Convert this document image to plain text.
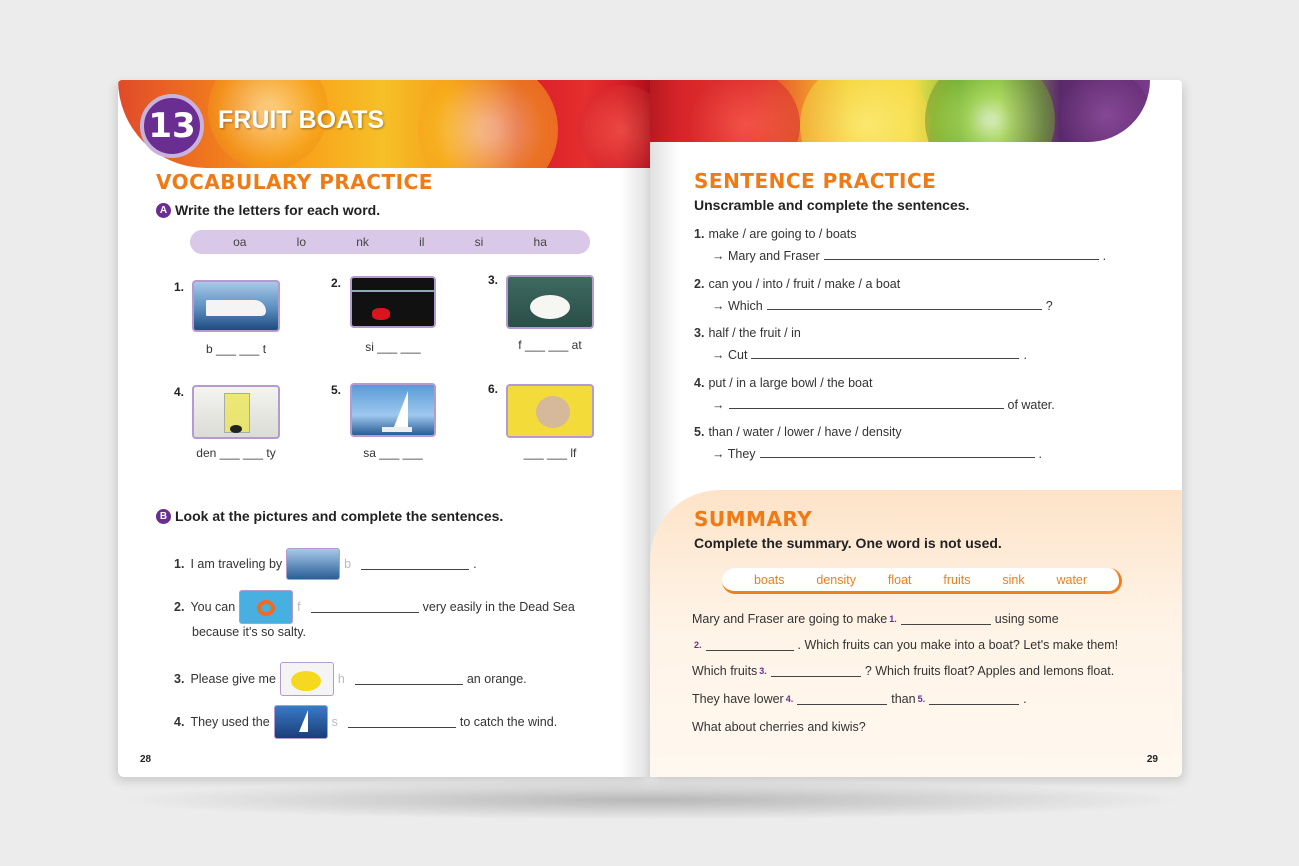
13 FRUIT BOATS
VOCABULARY PRACTICE
A Write the letters for each word.
oa	lo	nk	il	si	ha
1.
b ___ ___ t
2.
si ___ ___
3.
f ___ ___ at
4.
den ___ ___ ty
5.
sa ___ ___
6.
___ ___ lf
B Look at the pictures and complete the sentences.
1. I am traveling by	b	.
2. You can	f	very easily in the Dead Sea
because it's so salty.
3. Please give me	h	an orange.
4. They used the	s	to catch the wind.
28
SENTENCE PRACTICE
Unscramble and complete the sentences.
1. make / are going to / boats
→ Mary and Fraser	.
2. can you / into / fruit / make / a boat
→ Which	?
3. half / the fruit / in
→ Cut	.
4. put / in a large bowl / the boat
→	of water.
5. than / water / lower / have / density
→ They	.
SUMMARY
Complete the summary. One word is not used.
boats	density	float	fruits	sink	water
Mary and Fraser are going to make 1.	using some
2.	. Which fruits can you make into a boat? Let's make them!
Which fruits 3.	? Which fruits float? Apples and lemons float.
They have lower 4.	than 5.	.
What about cherries and kiwis?
29
